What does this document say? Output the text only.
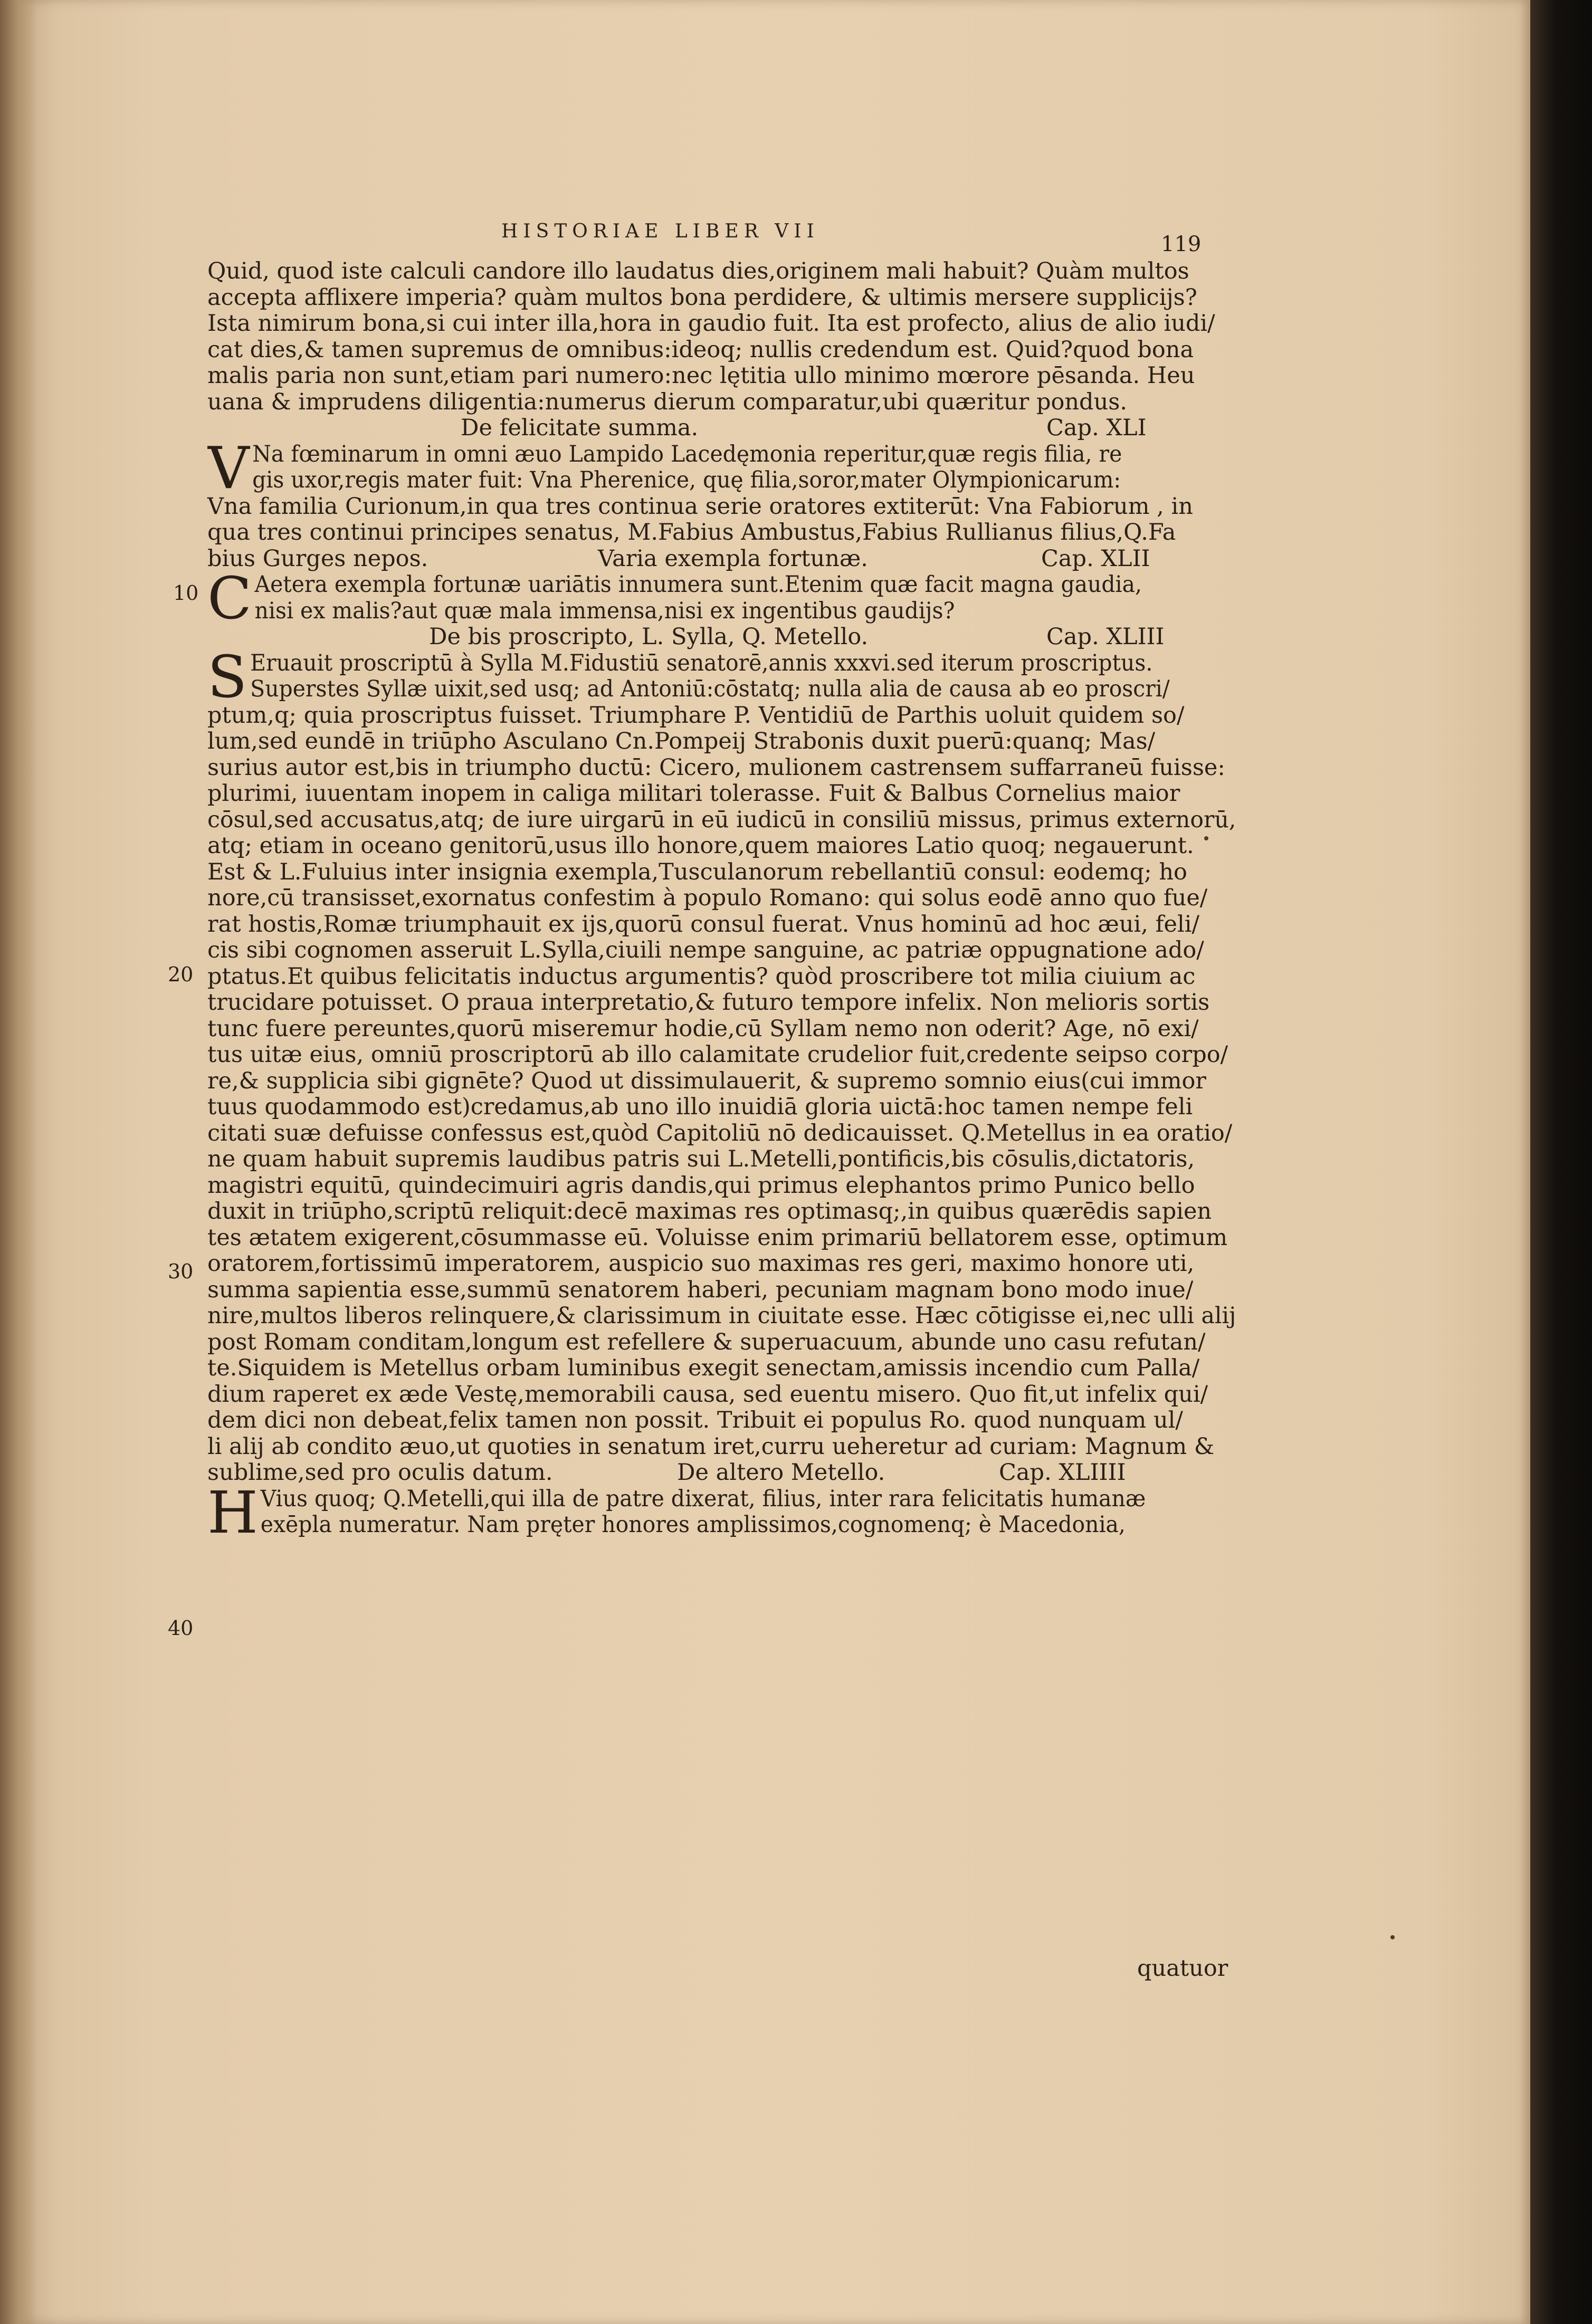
HISTORIAE LIBER VII
119
10
20
30
40
Quid, quod iste calculi candore illo laudatus dies,originem mali habuit? Quàm multos
accepta afflixere imperia? quàm multos bona perdidere, & ultimis mersere supplicijs?
Ista nimirum bona,si cui inter illa,hora in gaudio fuit. Ita est profecto, alius de alio iudi/
cat dies,& tamen supremus de omnibus:ideoq; nullis credendum est. Quid?quod bona
malis paria non sunt,etiam pari numero:nec lętitia ullo minimo mœrore pēsanda. Heu
uana & imprudens diligentia:numerus dierum comparatur,ubi quæritur pondus.
De felicitate summa.	Cap. XLI
V Na fœminarum in omni æuo Lampido Lacedęmonia reperitur,quæ regis filia, re
gis uxor,regis mater fuit: Vna Pherenice, quę filia,soror,mater Olympionicarum:
Vna familia Curionum,in qua tres continua serie oratores extiterūt: Vna Fabiorum , in
qua tres continui principes senatus, M.Fabius Ambustus,Fabius Rullianus filius,Q.Fa
bius Gurges nepos.	Varia exempla fortunæ.	Cap. XLII
C Aetera exempla fortunæ uariātis innumera sunt.Etenim quæ facit magna gaudia,
nisi ex malis?aut quæ mala immensa,nisi ex ingentibus gaudijs?
De bis proscripto, L. Sylla, Q. Metello.	Cap. XLIII
S Eruauit proscriptū à Sylla M.Fidustiū senatorē,annis xxxvi.sed iterum proscriptus.
Superstes Syllæ uixit,sed usq; ad Antoniū:cōstatq; nulla alia de causa ab eo proscri/
ptum,q; quia proscriptus fuisset. Triumphare P. Ventidiū de Parthis uoluit quidem so/
lum,sed eundē in triūpho Asculano Cn.Pompeij Strabonis duxit puerū:quanq; Mas/
surius autor est,bis in triumpho ductū: Cicero, mulionem castrensem suffarraneū fuisse:
plurimi, iuuentam inopem in caliga militari tolerasse. Fuit & Balbus Cornelius maior
cōsul,sed accusatus,atq; de iure uirgarū in eū iudicū in consiliū missus, primus externorū,
atq; etiam in oceano genitorū,usus illo honore,quem maiores Latio quoq; negauerunt.
Est & L.Fuluius inter insignia exempla,Tusculanorum rebellantiū consul: eodemq; ho
nore,cū transisset,exornatus confestim à populo Romano: qui solus eodē anno quo fue/
rat hostis,Romæ triumphauit ex ijs,quorū consul fuerat. Vnus hominū ad hoc æui, feli/
cis sibi cognomen asseruit L.Sylla,ciuili nempe sanguine, ac patriæ oppugnatione ado/
ptatus.Et quibus felicitatis inductus argumentis? quòd proscribere tot milia ciuium ac
trucidare potuisset. O praua interpretatio,& futuro tempore infelix. Non melioris sortis
tunc fuere pereuntes,quorū miseremur hodie,cū Syllam nemo non oderit? Age, nō exi/
tus uitæ eius, omniū proscriptorū ab illo calamitate crudelior fuit,credente seipso corpo/
re,& supplicia sibi gignēte? Quod ut dissimulauerit, & supremo somnio eius(cui immor
tuus quodammodo est)credamus,ab uno illo inuidiā gloria uictā:hoc tamen nempe feli
citati suæ defuisse confessus est,quòd Capitoliū nō dedicauisset. Q.Metellus in ea oratio/
ne quam habuit supremis laudibus patris sui L.Metelli,pontificis,bis cōsulis,dictatoris,
magistri equitū, quindecimuiri agris dandis,qui primus elephantos primo Punico bello
duxit in triūpho,scriptū reliquit:decē maximas res optimasq;,in quibus quærēdis sapien
tes ætatem exigerent,cōsummasse eū. Voluisse enim primariū bellatorem esse, optimum
oratorem,fortissimū imperatorem, auspicio suo maximas res geri, maximo honore uti,
summa sapientia esse,summū senatorem haberi, pecuniam magnam bono modo inue/
nire,multos liberos relinquere,& clarissimum in ciuitate esse. Hæc cōtigisse ei,nec ulli alij
post Romam conditam,longum est refellere & superuacuum, abunde uno casu refutan/
te.Siquidem is Metellus orbam luminibus exegit senectam,amissis incendio cum Palla/
dium raperet ex æde Vestę,memorabili causa, sed euentu misero. Quo fit,ut infelix qui/
dem dici non debeat,felix tamen non possit. Tribuit ei populus Ro. quod nunquam ul/
li alij ab condito æuo,ut quoties in senatum iret,curru ueheretur ad curiam: Magnum &
sublime,sed pro oculis datum.	De altero Metello.	Cap. XLIIII
H Vius quoq; Q.Metelli,qui illa de patre dixerat, filius, inter rara felicitatis humanæ
exēpla numeratur. Nam pręter honores amplissimos,cognomenq; è Macedonia,
quatuor
